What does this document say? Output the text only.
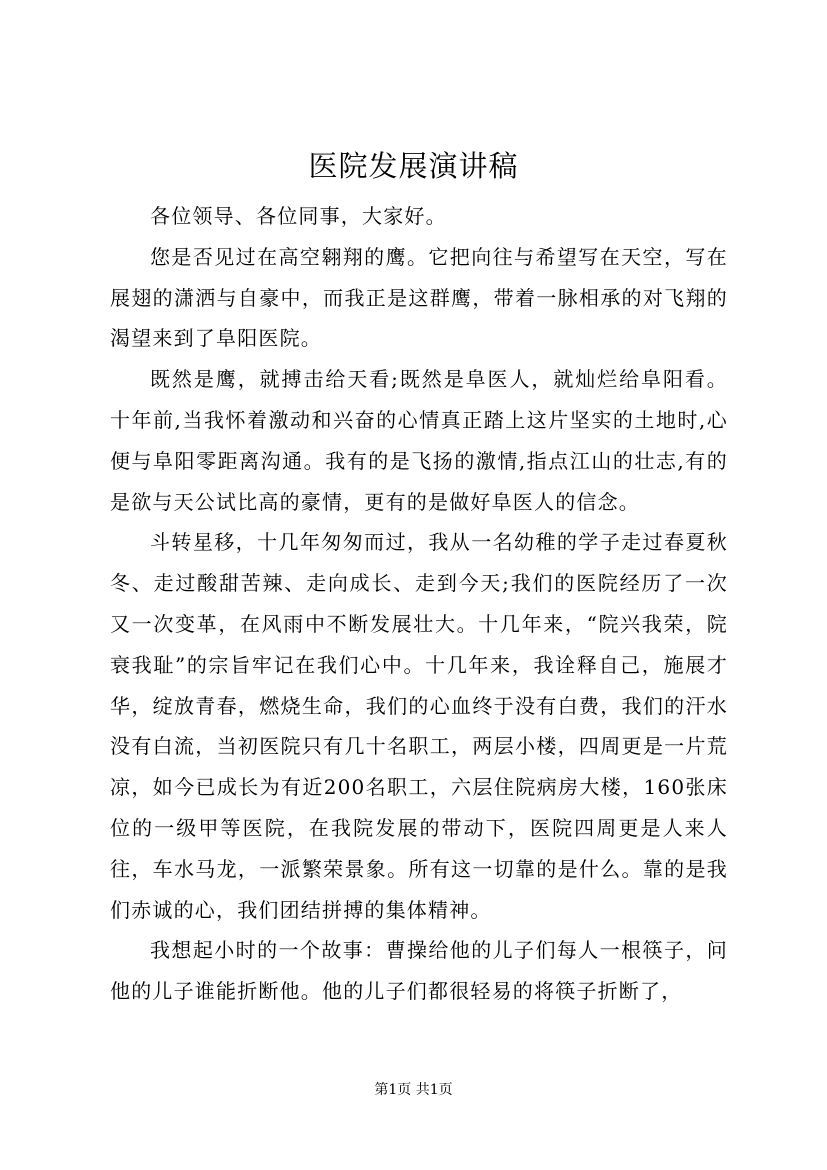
医院发展演讲稿

各位领导、各位同事，大家好。

您是否见过在高空翱翔的鹰。它把向往与希望写在天空，写在展翅的潇洒与自豪中，而我正是这群鹰，带着一脉相承的对飞翔的渴望来到了阜阳医院。

既然是鹰，就搏击给天看;既然是阜医人，就灿烂给阜阳看。十年前,当我怀着激动和兴奋的心情真正踏上这片坚实的土地时,心便与阜阳零距离沟通。我有的是飞扬的激情,指点江山的壮志,有的是欲与天公试比高的豪情，更有的是做好阜医人的信念。

斗转星移，十几年匆匆而过，我从一名幼稚的学子走过春夏秋冬、走过酸甜苦辣、走向成长、走到今天;我们的医院经历了一次又一次变革，在风雨中不断发展壮大。十几年来，“院兴我荣，院衰我耻”的宗旨牢记在我们心中。十几年来，我诠释自己，施展才华，绽放青春，燃烧生命，我们的心血终于没有白费，我们的汗水没有白流，当初医院只有几十名职工，两层小楼，四周更是一片荒凉，如今已成长为有近200名职工，六层住院病房大楼，160张床位的一级甲等医院，在我院发展的带动下，医院四周更是人来人往，车水马龙，一派繁荣景象。所有这一切靠的是什么。靠的是我们赤诚的心，我们团结拼搏的集体精神。

我想起小时的一个故事：曹操给他的儿子们每人一根筷子，问他的儿子谁能折断他。他的儿子们都很轻易的将筷子折断了，

第1页 共1页
